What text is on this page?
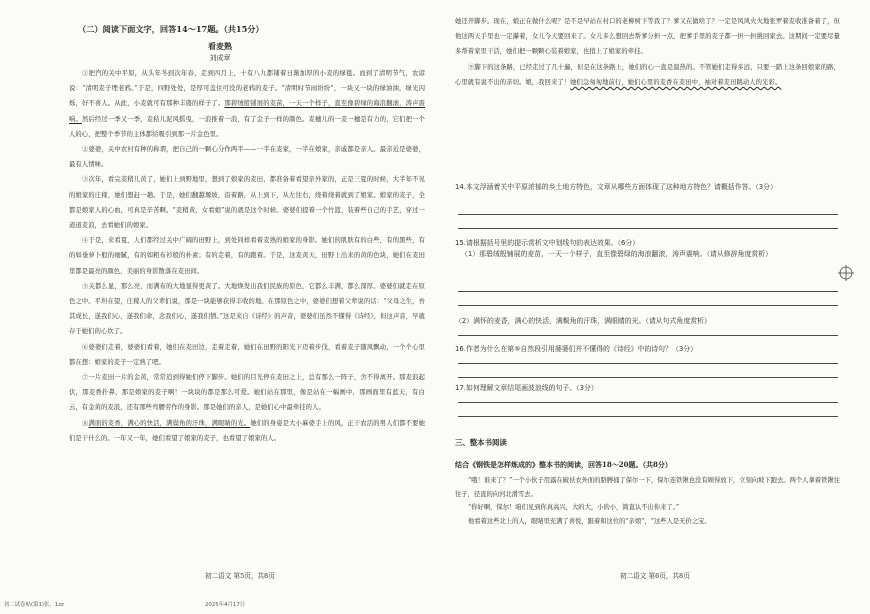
（二）阅读下面文字，回答14～17题。（共15分）
看麦熟
刘成章

①把汽的关中平原，从头年冬到次年春，走到四月上，十有八九都铺着日渐加厚的小麦的绿毯。而到了清明节气，农谚说：“清明麦子埋老鸦。”于是，四野处处，是厚可盖住可没的老鸦的麦子。“清明时节雨纷纷”，一块又一块的绿油油，绿光闪烁，好不喜人。从此，小麦就可有那种丰盛的样子了。那碧绒般铺展的麦苗，一天一个样子，直至像碧绿的海浪翻滚，涛声震响。然后经过一季又一季，麦秸儿泥风摇曳，一浪推着一浪，有了金子一样的颜色。麦穗儿的一麦一穗是有力的，它们把一个人的心，把整个季节的主体都给吸引到那一片金色里。

②婆婆，关中农村有种的称谓，把自己的一颗心分作两半——一半在麦家，一半在娘家，亲戚都是亲人。最亲近是婆婆，最有人情味。

③次年，看完麦稍儿黄了，她们上到野地里，想到了娘家的麦田，都准备着看望亲外家的，正是三夏的时候，大半年不见的娘家的庄稼，她们想赶一趟。于是，她们翻越塬坡，沿着路，从上到下，从左往右，绕着绕着就到了娘家。娘家的麦子，全都是娘家人的心血，可真是辛苦啊。“麦稍黄，女看娘”说的就是这个时候。婆婆们提着一个竹篮，装着些自己的手艺，穿过一道道麦浪，去看她们的娘家。

④于是，来看夏，人们都经过关中广阔的田野上，到处同样看着麦熟的娘家的身影。她们的肌肤有的白些，有的黑些，有的如垂萝卜般的细腻，有的如粗布衫般的朴素；有的走着，有的跑着。于是，这麦黄天，田野上出来的黄的色块，她们在麦田里都是最亮的颜色，美丽的身影散落在麦田间。

⑤关都么显，那么亮，而满布的大地显得更黄了。大地焕发出我们民族的原色，它都么丰满，都么深厚。婆婆们就走在原色之中。平坦在望，庄稼人的父辈们说，那是一块能够获得丰收的地。在那原色之中，婆婆们想着父辈说的话：“父母之生，吾其成长，遂我们心，遂我们命，念我们心，遂我们情。”这是来自《诗经》的声音，婆婆们虽然不懂得《诗经》，但这声音，早就存于她们的心坎了。

⑥婆婆们走着，婆婆们看着，她们在麦田边，走着走着，她们在田野的阳光下迈着步伐，看着麦子随风飘动，一个个心里都在想：娘家的麦子一定熟了吧。

⑦一片麦田一片的金黄，常常追到得她们停下脚步。她们的目光停在麦田之上，总有那么一阵子，舍不得离开。那麦浪起伏，那麦香扑鼻，那是娘家的麦子啊！一块块的都是那么可爱。她们站在那里，像是站在一幅画中，那画面里有蓝天，有白云，有金黄的麦浪，还有那些弯腰劳作的身影。那是她们的亲人，是她们心中最牵挂的人。

⑧满面的麦香，满心的快活，满鬓角的汗珠，满眼睛的光。她们的身姿是大小麻婆手上的风，正干农活的男人们都不要她们是干什么的。一年又一年，她们看望了娘家的麦子，也看望了娘家的人。

初二语文 第5页，共8页
初二试卷帖(第1)张，1zz	2025年4月17日

她还开脚步。现在，娘正在做什么呢？是不是早站在村口的老柳树下等我了？爹又在做啥了？一定是风风火火地张罗着麦收准备着了，但他这两天手里也一定攥着，女儿今天要回来了。女儿多么想回去帮爹分担一点，把爹手里的麦子都一担一担挑回家去。这期间一定要尽量多帮着家里干活，她们把一颗颗心装着娘家，也捎上了娘家的牵挂。

⑨脚下的这条路，已经走过了几十遍，但是在这条路上，她们的心一直是温热的。不管她们走得多远，只要一踏上这条回娘家的路，心里就有说不出的亲切。娘，我回来了！她们急匆匆地前行，她们心里的麦香在麦田中，袖对着麦田跳动人的光彩。

14.本文浮涵着关中平原浓郁的乡土地方特色，文章从哪些方面体现了这种地方特色？请概括作答。（3分）
15.请根据括号里的提示赏析文中划线句的表达效果。（6分）
（1）那碧绒般铺展的麦苗，一天一个样子，直至像碧绿的海浪翻滚，涛声震响。（请从修辞角度赏析）
（2）满怀的麦香，满心的快活，满鬓角的汗珠，满眼睛的光。（请从句式角度赏析）
16.作者为什么在第⑤自然段引用婆婆们并不懂得的《诗经》中的诗句？（3分）
17.如何理解文章结尾画波浪线的句子。（3分）
三、整本书阅读
结合《钢铁是怎样炼成的》整本书的阅读，回答18～20题。（共8分）

“哦！谁来了？”一个小伙子用露在破袄衣外面的胳膊捅了保尔一下，保尔连铁锹也没有顾得放下，立刻向坡下跑去。两个人拿着铁锹往往子，径直的向河北滑雪去。

“你好啊，保尔！咱们见到你真高兴，大的大，小的小，简直认不出你来了。”

他看着这些北上的人，眼睛里充满了喜悦，跟着和这位的“亲娘”，“这些人是无价之宝。

初二语文 第6页，共8页
